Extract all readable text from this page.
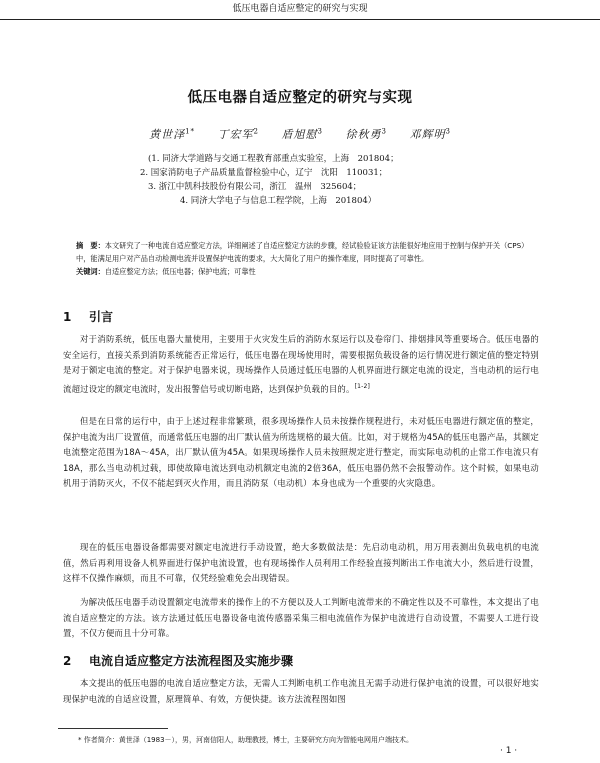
低压电器自适应整定的研究与实现
低压电器自适应整定的研究与实现
黄世泽$^{1*}$ 丁宏军$^2$ 盾旭慰$^3$ 徐秋勇$^3$ 邓辉明$^3$
(1. 同济大学道路与交通工程教育部重点实验室，上海　201804；
2. 国家消防电子产品质量监督检验中心，辽宁　沈阳　110031；
3. 浙江中凯科技股份有限公司，浙江　温州　325604；
4. 同济大学电子与信息工程学院，上海　201804）
摘　要：本文研究了一种电流自适应整定方法，详细阐述了自适应整定方法的步骤，经试验验证该方法能很好地应用于控制与保护开关（CPS）中，能满足用户对产品自动检测电流并设置保护电流的要求，大大简化了用户的操作难度，同时提高了可靠性。
关键词：自适应整定方法；低压电器；保护电流；可靠性
1 引言
对于消防系统，低压电器大量使用，主要用于火灾发生后的消防水泵运行以及卷帘门、排烟排风等重要场合。低压电器的安全运行，直接关系到消防系统能否正常运行，低压电器在现场使用时，需要根据负载设备的运行情况进行额定值的整定特别是对于额定电流的整定。对于保护电器来说，现场操作人员通过低压电器的人机界面进行额定电流的设定，当电动机的运行电流超过设定的额定电流时，发出报警信号或切断电路，达到保护负载的目的。[1-2]
但是在日常的运行中，由于上述过程非常繁琐，很多现场操作人员未按操作规程进行，未对低压电器进行额定值的整定，保护电流为出厂设置值，而通常低压电器的出厂默认值为所选规格的最大值。比如，对于规格为45A的低压电器产品，其额定电流整定范围为18A～45A，出厂默认值为45A。如果现场操作人员未按照规定进行整定，而实际电动机的止常工作电流只有18A，那么当电动机过载，即使故障电流达到电动机额定电流的2倍36A，低压电器仍然不会报警动作。这个时候，如果电动机用于消防灭火，不仅不能起到灭火作用，而且消防泵（电动机）本身也成为一个重要的火灾隐患。
现在的低压电器设备都需要对额定电流进行手动设置，绝大多数做法是：先启动电动机，用万用表测出负载电机的电流值，然后再利用设备人机界面进行保护电流设置，也有现场操作人员利用工作经验直接判断出工作电流大小，然后进行设置，这样不仅操作麻烦，而且不可靠，仅凭经验难免会出现错误。
为解决低压电器手动设置额定电流带来的操作上的不方便以及人工判断电流带来的不确定性以及不可靠性，本文提出了电流自适应整定的方法。该方法通过低压电器设备电流传感器采集三相电流值作为保护电流进行自动设置，不需要人工进行设置，不仅方便而且十分可靠。
2 电流自适应整定方法流程图及实施步骤
本文提出的低压电器的电流自适应整定方法，无需人工判断电机工作电流且无需手动进行保护电流的设置，可以很好地实现保护电流的自适应设置，原理简单、有效，方便快捷。该方法流程图如图
* 作者简介：黄世泽（1983－），男，河南信阳人，助理教授，博士，主要研究方向为智能电网用户端技术。
· 1 ·
